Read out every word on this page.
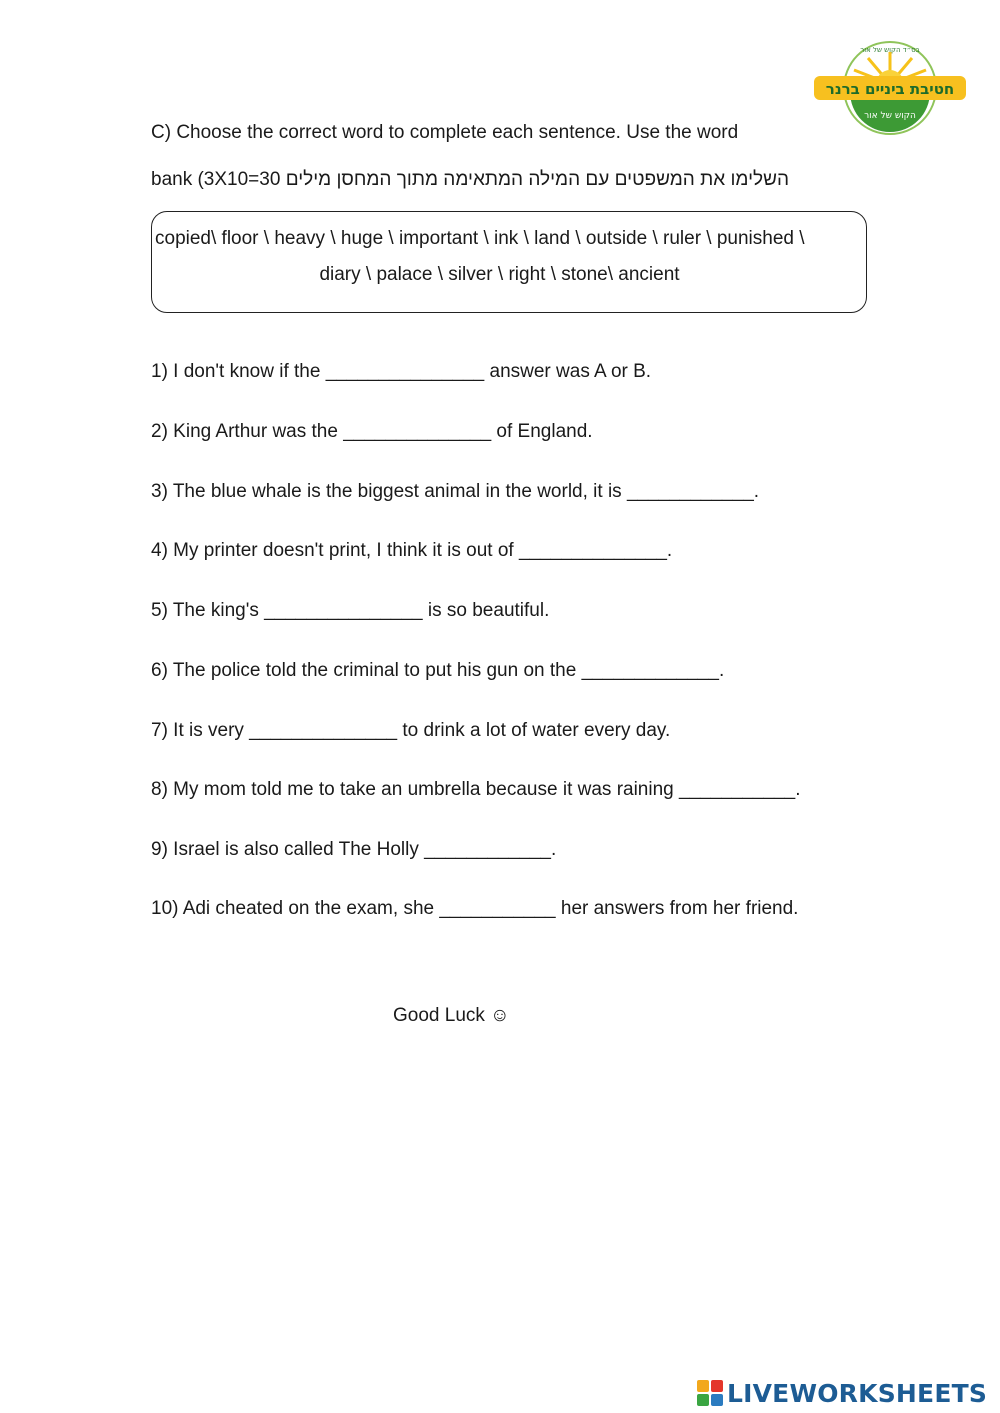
חטיבת ביניים ברנר
הקוש של אור
בס״ד הקוש של אור
C) Choose the correct word to complete each sentence. Use the word
bank (3X10=30 השלימו את המשפטים עם המילה המתאימה מתוך המחסן מילים
copied\ floor \ heavy \ huge \ important \ ink \ land \ outside \ ruler \ punished \
diary \ palace \ silver \ right \ stone\ ancient
1) I don't know if the _______________ answer was A or B.
2) King Arthur was the ______________ of England.
3) The blue whale is the biggest animal in the world, it is ____________.
4) My printer doesn't print, I think it is out of ______________.
5) The king's _______________ is so beautiful.
6) The police told the criminal to put his gun on the _____________.
7) It is very ______________ to drink a lot of water every day.
8) My mom told me to take an umbrella because it was raining ___________.
9) Israel is also called The Holly ____________.
10) Adi cheated on the exam, she ___________ her answers from her friend.
Good Luck ☺
LIVEWORKSHEETS
